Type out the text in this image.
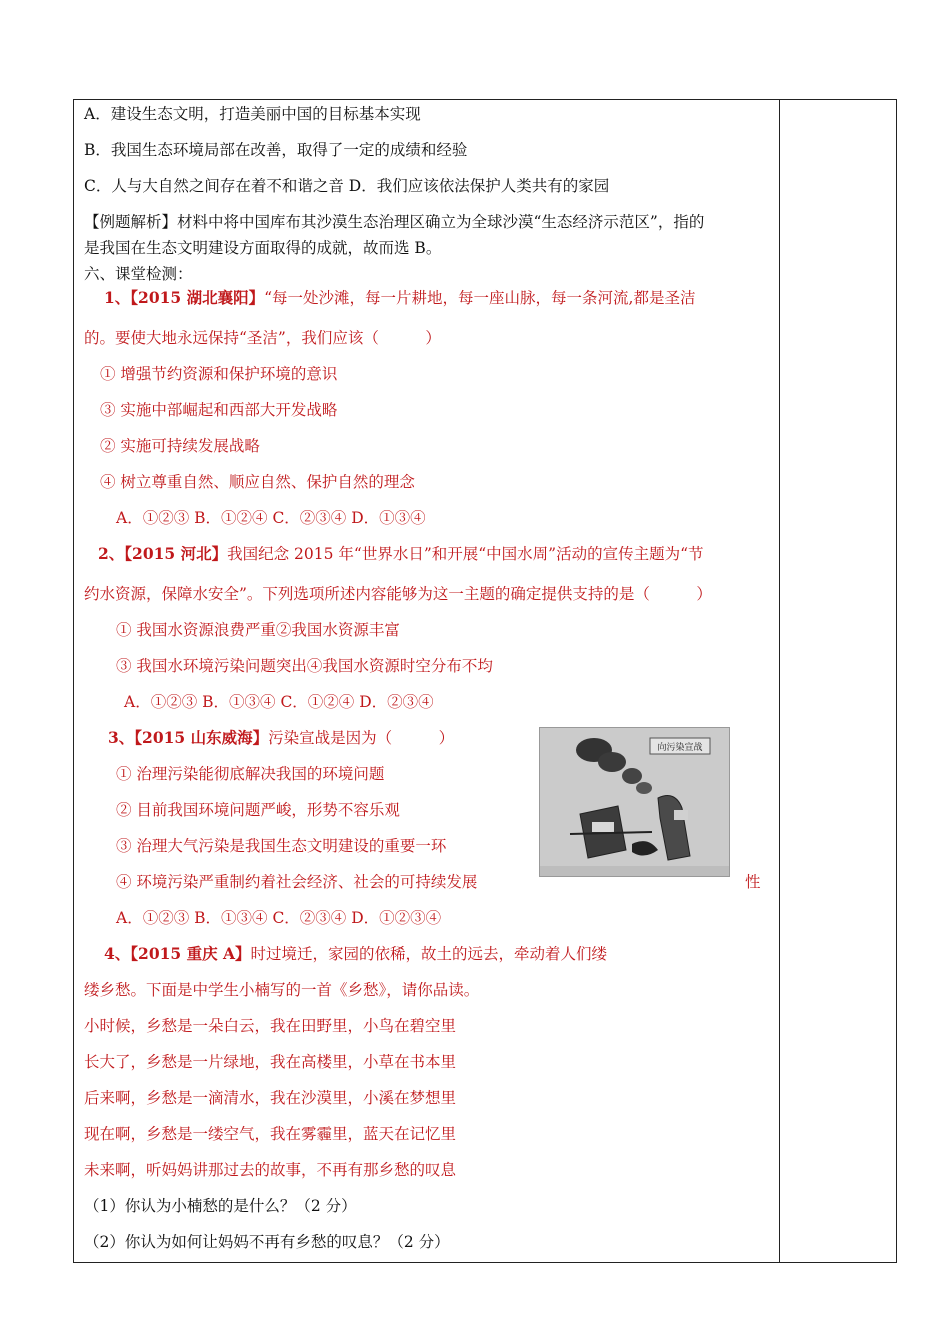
A．建设生态文明，打造美丽中国的目标基本实现
B．我国生态环境局部在改善，取得了一定的成绩和经验
C．人与大自然之间存在着不和谐之音 D．我们应该依法保护人类共有的家园
【例题解析】材料中将中国库布其沙漠生态治理区确立为全球沙漠“生态经济示范区”，指的
是我国在生态文明建设方面取得的成就，故而选 B。
六、课堂检测：
1、【2015 湖北襄阳】“每一处沙滩，每一片耕地，每一座山脉，每一条河流,都是圣洁
的。要使大地永远保持“圣洁”，我们应该（　　　）
① 增强节约资源和保护环境的意识
③ 实施中部崛起和西部大开发战略
② 实施可持续发展战略
④ 树立尊重自然、顺应自然、保护自然的理念
A．①②③ B．①②④ C．②③④ D．①③④
2、【2015 河北】我国纪念 2015 年“世界水日”和开展“中国水周”活动的宣传主题为“节
约水资源，保障水安全”。下列选项所述内容能够为这一主题的确定提供支持的是（　　　）
① 我国水资源浪费严重②我国水资源丰富
③ 我国水环境污染问题突出④我国水资源时空分布不均
A．①②③ B．①③④ C．①②④ D．②③④
3、【2015 山东威海】污染宣战是因为（　　　）
① 治理污染能彻底解决我国的环境问题
② 目前我国环境问题严峻，形势不容乐观
③ 治理大气污染是我国生态文明建设的重要一环
④ 环境污染严重制约着社会经济、社会的可持续发展	性
A．①②③ B．①③④ C．②③④ D．①②③④
向污染宣战
4、【2015 重庆 A】时过境迁，家园的依稀，故土的远去，牵动着人们缕
缕乡愁。下面是中学生小楠写的一首《乡愁》，请你品读。
小时候，乡愁是一朵白云，我在田野里，小鸟在碧空里
长大了，乡愁是一片绿地，我在高楼里，小草在书本里
后来啊，乡愁是一滴清水，我在沙漠里，小溪在梦想里
现在啊，乡愁是一缕空气，我在雾霾里，蓝天在记忆里
未来啊，听妈妈讲那过去的故事，不再有那乡愁的叹息
（1）你认为小楠愁的是什么？（2 分）
（2）你认为如何让妈妈不再有乡愁的叹息？（2 分）
